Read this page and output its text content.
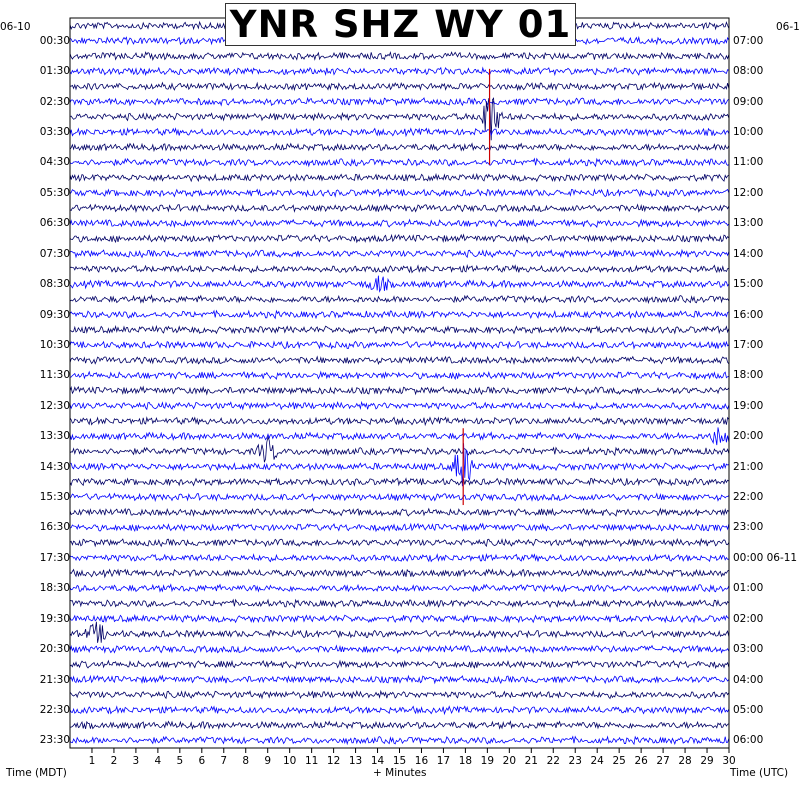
YNR SHZ WY 01
06-10	06-1
00:30
01:30
02:30
03:30
04:30
05:30
06:30
07:30
08:30
09:30
10:30
11:30
12:30
13:30
14:30
15:30
16:30
17:30
18:30
19:30
20:30
21:30
22:30
23:30
07:00
08:00
09:00
10:00
11:00
12:00
13:00
14:00
15:00
16:00
17:00
18:00
19:00
20:00
21:00
22:00
23:00
00:00 06-11
01:00
02:00
03:00
04:00
05:00
06:00
1 2 3 4 5 6 7 8 9 10 11 12 13 14 15 16 17 18 19 20 21 22 23 24 25 26 27 28 29 30
Time (MDT)	+ Minutes	Time (UTC)
